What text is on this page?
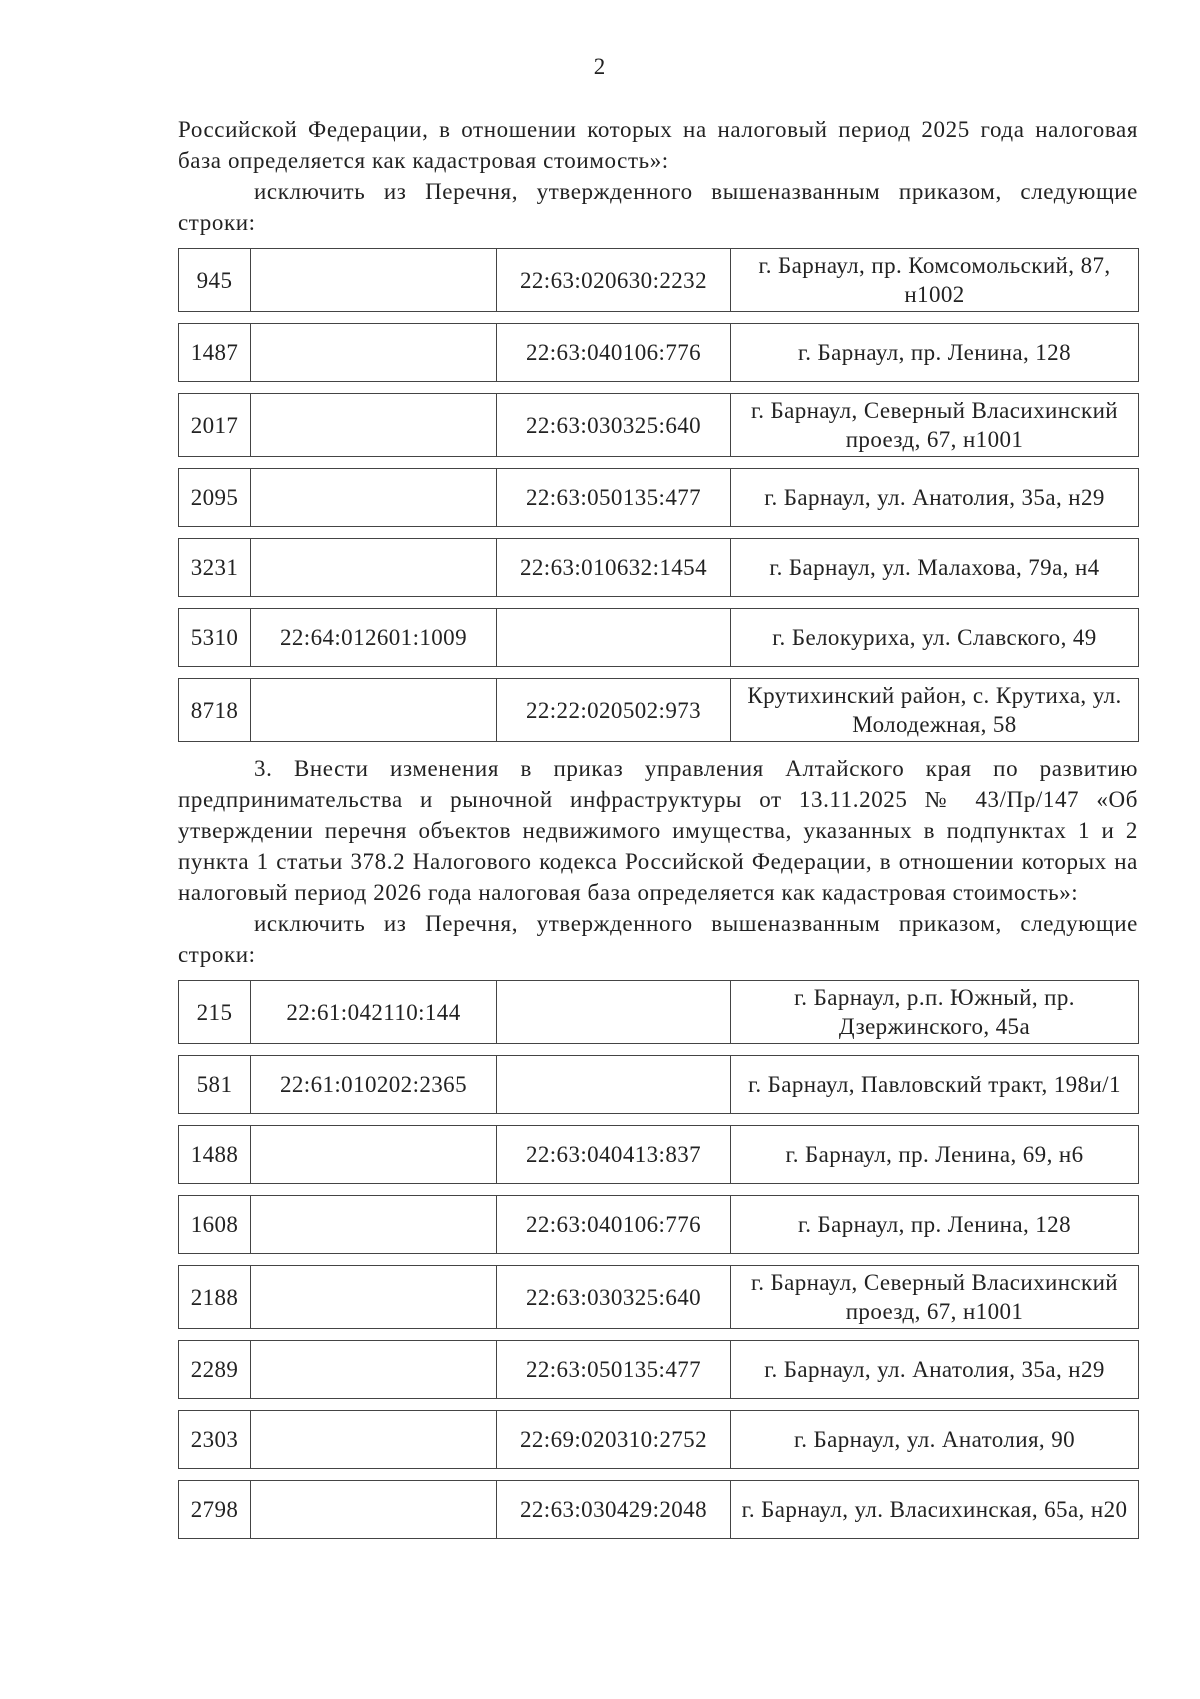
2

Российской Федерации, в отношении которых на налоговый период 2025 года налоговая база определяется как кадастровая стоимость»:

исключить из Перечня, утвержденного вышеназванным приказом, следующие строки:

945		22:63:020630:2232	г. Барнаул, пр. Комсомольский, 87, н1002
1487		22:63:040106:776	г. Барнаул, пр. Ленина, 128
2017		22:63:030325:640	г. Барнаул, Северный Власихинский проезд, 67, н1001
2095		22:63:050135:477	г. Барнаул, ул. Анатолия, 35а, н29
3231		22:63:010632:1454	г. Барнаул, ул. Малахова, 79а, н4
5310	22:64:012601:1009		г. Белокуриха, ул. Славского, 49
8718		22:22:020502:973	Крутихинский район, с. Крутиха, ул. Молодежная, 58

3. Внести изменения в приказ управления Алтайского края по развитию предпринимательства и рыночной инфраструктуры от 13.11.2025 № 43/Пр/147 «Об утверждении перечня объектов недвижимого имущества, указанных в подпунктах 1 и 2 пункта 1 статьи 378.2 Налогового кодекса Российской Федерации, в отношении которых на налоговый период 2026 года налоговая база определяется как кадастровая стоимость»:

исключить из Перечня, утвержденного вышеназванным приказом, следующие строки:

215	22:61:042110:144		г. Барнаул, р.п. Южный, пр. Дзержинского, 45а
581	22:61:010202:2365		г. Барнаул, Павловский тракт, 198и/1
1488		22:63:040413:837	г. Барнаул, пр. Ленина, 69, н6
1608		22:63:040106:776	г. Барнаул, пр. Ленина, 128
2188		22:63:030325:640	г. Барнаул, Северный Власихинский проезд, 67, н1001
2289		22:63:050135:477	г. Барнаул, ул. Анатолия, 35а, н29
2303		22:69:020310:2752	г. Барнаул, ул. Анатолия, 90
2798		22:63:030429:2048	г. Барнаул, ул. Власихинская, 65а, н20
